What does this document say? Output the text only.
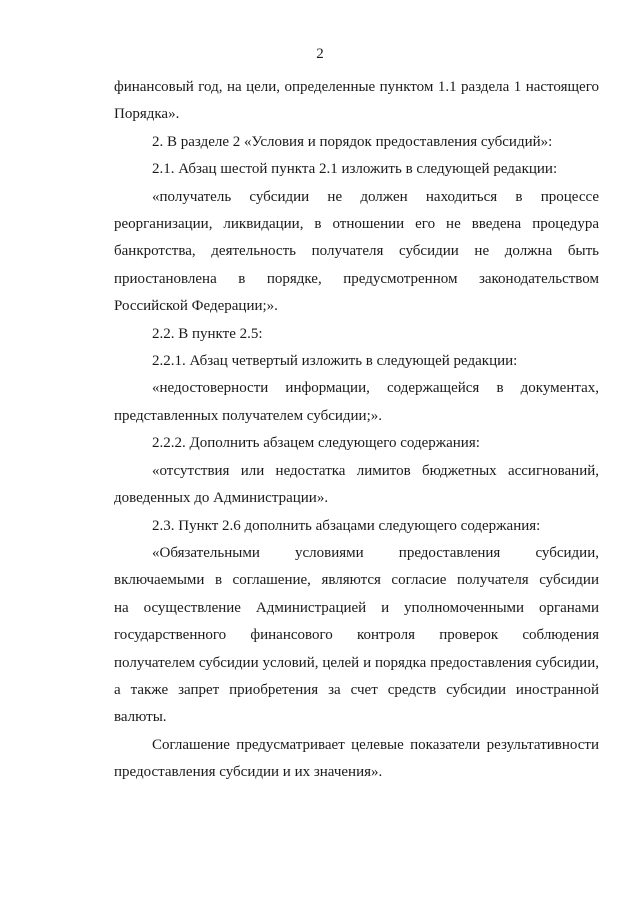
2
финансовый год, на цели, определенные пунктом 1.1 раздела 1 настоящего
Порядка».
2. В разделе 2 «Условия и порядок предоставления субсидий»:
2.1. Абзац шестой пункта 2.1 изложить в следующей редакции:
«получатель субсидии не должен находиться в процессе
реорганизации, ликвидации, в отношении его не введена процедура
банкротства, деятельность получателя субсидии не должна быть
приостановлена в порядке, предусмотренном законодательством
Российской Федерации;».
2.2. В пункте 2.5:
2.2.1. Абзац четвертый изложить в следующей редакции:
«недостоверности информации, содержащейся в документах,
представленных получателем субсидии;».
2.2.2. Дополнить абзацем следующего содержания:
«отсутствия или недостатка лимитов бюджетных ассигнований,
доведенных до Администрации».
2.3. Пункт 2.6 дополнить абзацами следующего содержания:
«Обязательными условиями предоставления субсидии,
включаемыми в соглашение, являются согласие получателя субсидии
на осуществление Администрацией и уполномоченными органами
государственного финансового контроля проверок соблюдения
получателем субсидии условий, целей и порядка предоставления субсидии,
а также запрет приобретения за счет средств субсидии иностранной
валюты.
Соглашение предусматривает целевые показатели результативности
предоставления субсидии и их значения».
